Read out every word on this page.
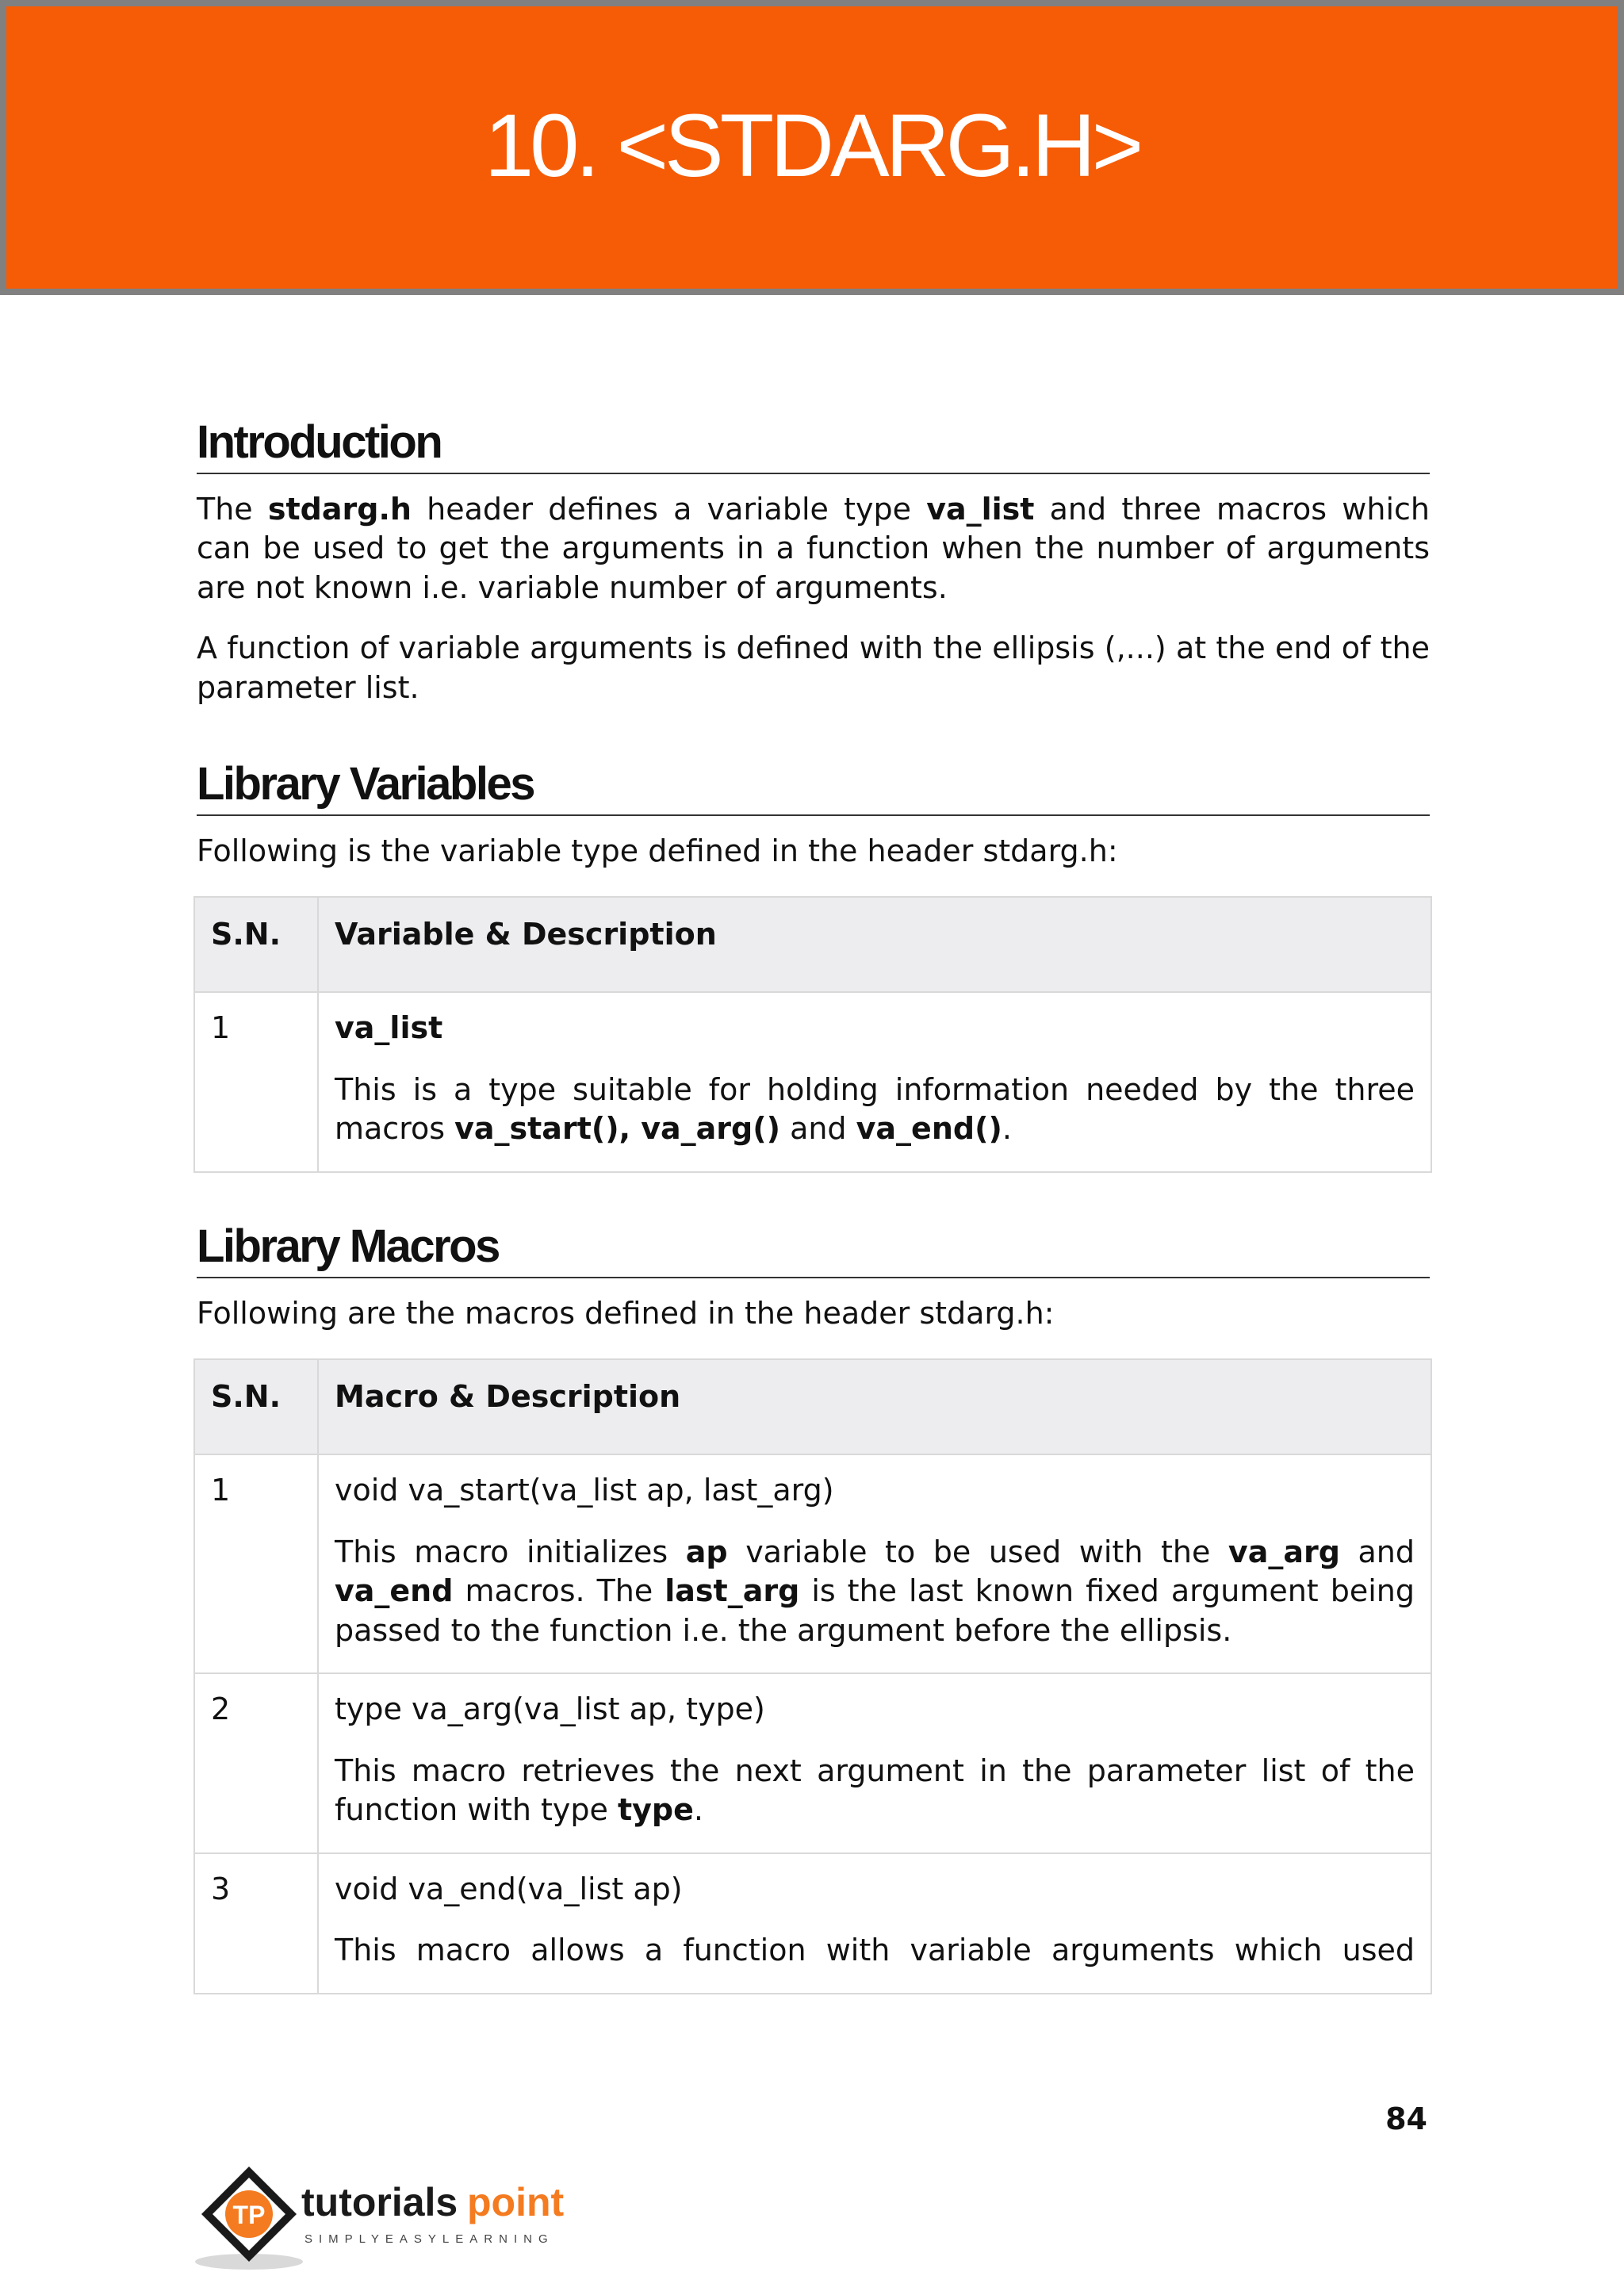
10. <STDARG.H>
Introduction

The stdarg.h header defines a variable type va_list and three macros which can be used to get the arguments in a function when the number of arguments are not known i.e. variable number of arguments.

A function of variable arguments is defined with the ellipsis (,...) at the end of the parameter list.

Library Variables

Following is the variable type defined in the header stdarg.h:

S.N.	Variable & Description
1	va_list

This is a type suitable for holding information needed by the three macros va_start(), va_arg() and va_end().

Library Macros

Following are the macros defined in the header stdarg.h:

S.N.	Macro & Description
1	void va_start(va_list ap, last_arg)

This macro initializes ap variable to be used with the va_arg and va_end macros. The last_arg is the last known fixed argument being passed to the function i.e. the argument before the ellipsis.

2	type va_arg(va_list ap, type)

This macro retrieves the next argument in the parameter list of the function with type type.

3	void va_end(va_list ap)

This macro allows a function with variable arguments which used

84
TP tutorials point
SIMPLYEASYLEARNING
